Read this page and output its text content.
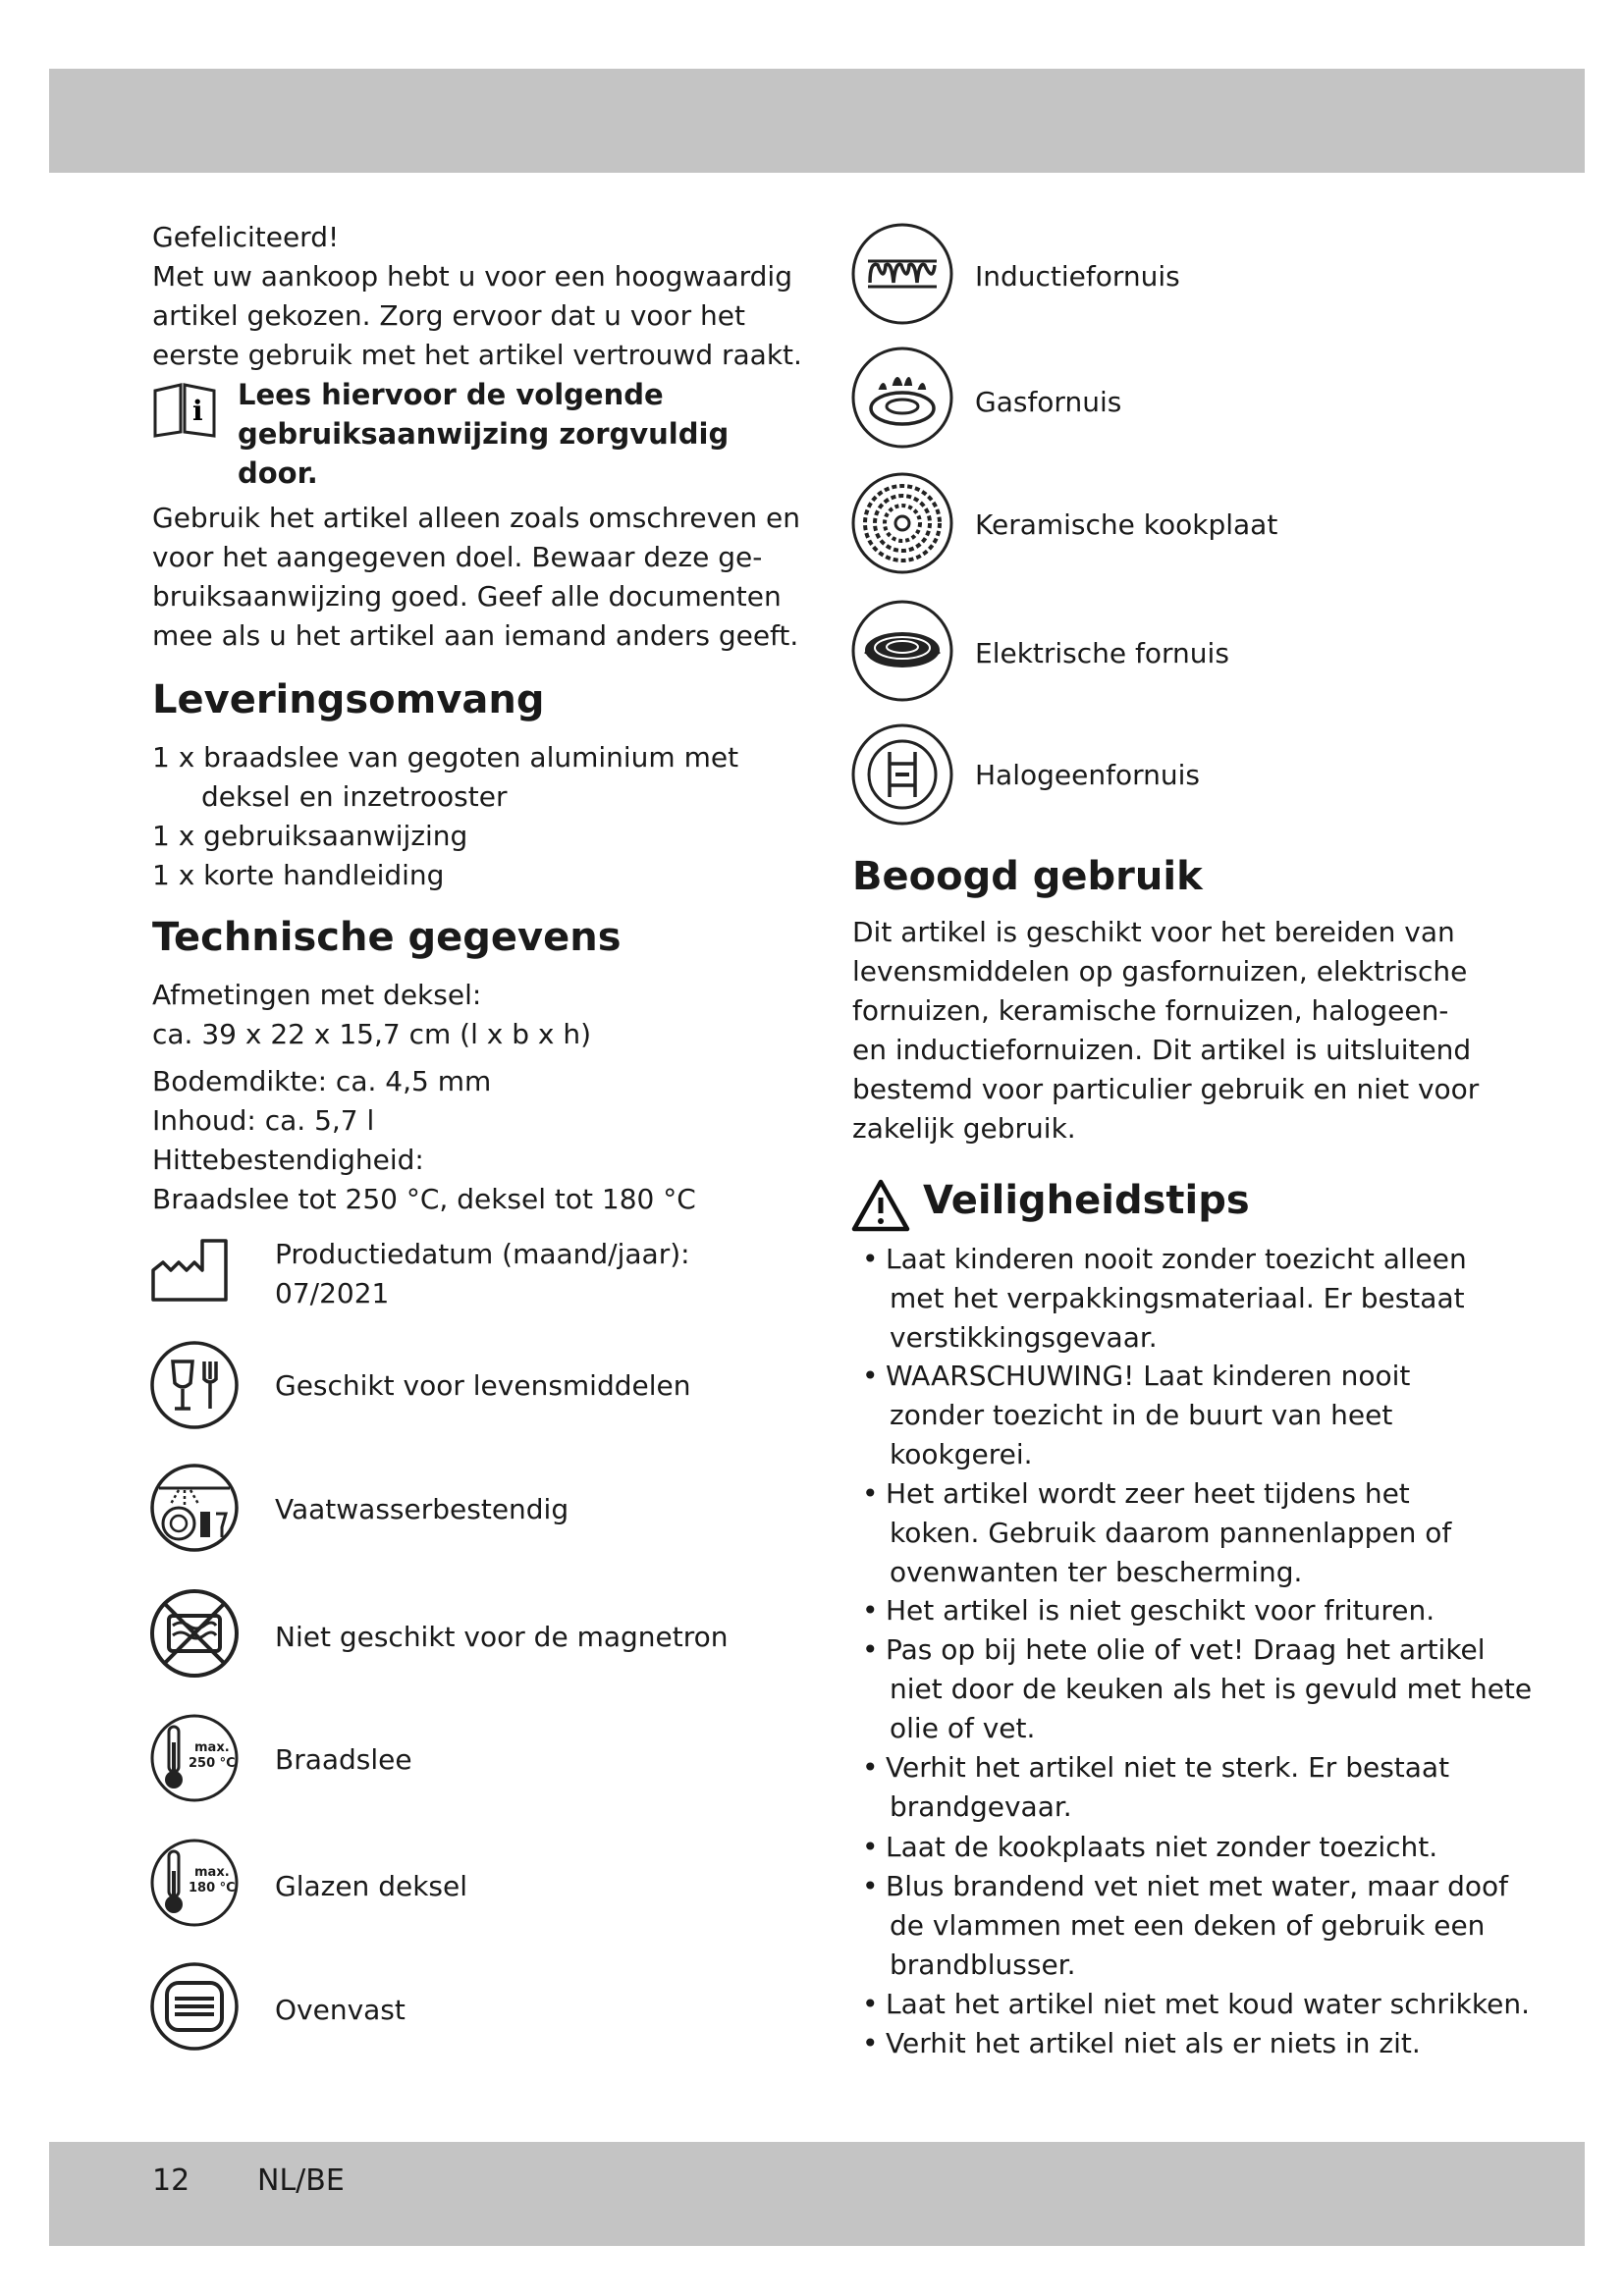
Gefeliciteerd!

Met uw aankoop hebt u voor een hoogwaardig

artikel gekozen. Zorg ervoor dat u voor het

eerste gebruik met het artikel vertrouwd raakt.

i Lees hiervoor de volgende
gebruiksaanwijzing zorgvuldig
door.

Gebruik het artikel alleen zoals omschreven en

voor het aangegeven doel. Bewaar deze ge-

bruiksaanwijzing goed. Geef alle documenten

mee als u het artikel aan iemand anders geeft.

Leveringsomvang

1 x braadslee van gegoten aluminium met

deksel en inzetrooster

1 x gebruiksaanwijzing

1 x korte handleiding

Technische gegevens

Afmetingen met deksel:

ca. 39 x 22 x 15,7 cm (l x b x h)

Bodemdikte: ca. 4,5 mm

Inhoud: ca. 5,7 l

Hittebestendigheid:

Braadslee tot 250 °C, deksel tot 180 °C

Productiedatum (maand/jaar):
07/2021
Geschikt voor levensmiddelen
Vaatwasserbestendig
Niet geschikt voor de magnetron
max.
250 °C Braadslee
max.
180 °C Glazen deksel
Ovenvast
Inductiefornuis
Gasfornuis
Keramische kookplaat
Elektrische fornuis
Halogeenfornuis
Beoogd gebruik

Dit artikel is geschikt voor het bereiden van

levensmiddelen op gasfornuizen, elektrische

fornuizen, keramische fornuizen, halogeen-

en inductiefornuizen. Dit artikel is uitsluitend

bestemd voor particulier gebruik en niet voor

zakelijk gebruik.

Veiligheidstips
• Laat kinderen nooit zonder toezicht alleen
met het verpakkingsmateriaal. Er bestaat
verstikkingsgevaar.
• WAARSCHUWING! Laat kinderen nooit
zonder toezicht in de buurt van heet
kookgerei.
• Het artikel wordt zeer heet tijdens het
koken. Gebruik daarom pannenlappen of
ovenwanten ter bescherming.
• Het artikel is niet geschikt voor frituren.
• Pas op bij hete olie of vet! Draag het artikel
niet door de keuken als het is gevuld met hete
olie of vet.
• Verhit het artikel niet te sterk. Er bestaat
brandgevaar.
• Laat de kookplaats niet zonder toezicht.
• Blus brandend vet niet met water, maar doof
de vlammen met een deken of gebruik een
brandblusser.
• Laat het artikel niet met koud water schrikken.
• Verhit het artikel niet als er niets in zit.
12 NL/BE
